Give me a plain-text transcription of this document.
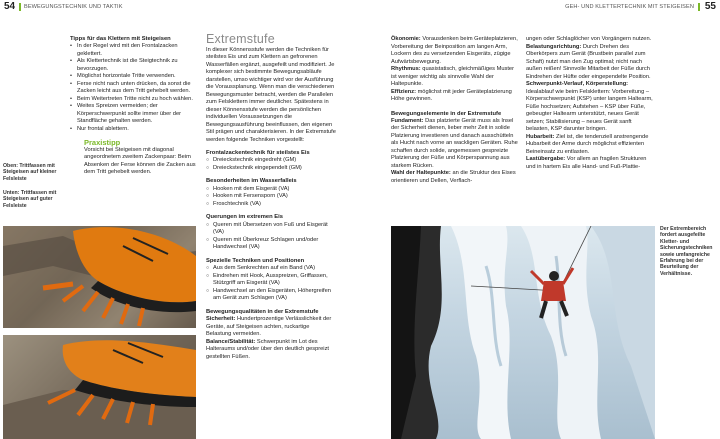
54 BEWEGUNGSTECHNIK UND TAKTIK	GEH- UND KLETTERTECHNIK MIT STEIGEISEN 55
Oben: Trittfassen mit Steigeisen auf kleiner Felsleiste
Unten: Trittfassen mit Steigeisen auf guter Felsleiste
Tipps für das Klettern mit Steigeisen
• In der Regel wird mit den Frontalzacken geklettert.
• Als Klettertechnik ist die Steigtechnik zu bevorzugen.
• Möglichst horizontale Tritte verwenden.
• Ferse nicht nach unten drücken, da sonst die Zacken leicht aus dem Tritt gehebelt werden.
• Beim Weitertreten Tritte nicht zu hoch wählen.
• Weites Spreizen vermeiden; der Körperschwerpunkt sollte immer über der Standfläche gehalten werden.
• Nur frontal ablettern.
Praxistipp
Vorsicht bei Steigeisen mit diagonal angeordnetem zweitem Zackenpaar: Beim Absenken der Ferse können die Zacken aus dem Tritt gehebelt werden.
Extremstufe
In dieser Könnensstufe werden die Techniken für steilstes Eis und zum Klettern an gefrorenen Wasserfällen ergänzt, ausgefeilt und modifiziert. Je komplexer sich bestimmte Bewegungsabläufe darstellen, umso wichtiger wird vor der Ausführung die Voraussplanung. Wenn man die verschiedenen Bewegungsmuster betracht, werden die Parallelen zum Felsklettern immer deutlicher. Spätestens in dieser Könnensstufe werden die persönlichen individuellen Voraussetzungen die Bewegungsausführung beeinflussen, den eigenen Stil prägen und charakterisieren. In der Extremstufe werden folgende Techniken vorgestellt:
Frontalzackentechnik für steilstes Eis
○ Dreieckstechnik eingedreht (GM)
○ Dreieckstechnik eingependelt (GM)
Besonderheiten im Wasserfalleis
○ Hooken mit dem Eisgerät (VA)
○ Hooken mit Fersensporn (VA)
○ Froschtechnik (VA)
Querungen im extremen Eis
○ Queren mit Übersetzen von Fuß und Eisgerät (VA)
○ Queren mit Überkreuz Schlagen und/oder Handwechsel (VA)
Spezielle Techniken und Positionen
○ Aus dem Senkrechten auf ein Band (VA)
○ Eindrehen mit Hook, Ausspreizen, Griffassen, Stützgriff am Eisgerät (VA)
○ Handwechsel an den Eisgeräten, Höhergreifen am Gerät zum Schlagen (VA)
Bewegungsqualitäten in der Extremstufe
Sicherheit: Hundertprozentige Verlässlichkeit der Geräte, auf Steigeisen achten, ruckartige Belastung vermeiden.
Balance/Stabilität: Schwerpunkt im Lot des Halteraums und/oder über den deutlich gespreizt gestellten Füßen.
Ökonomie: Vorausdenken beim Geräteplatzieren, Vorbereitung der Beinposition am langen Arm, Lockern des zu versetzenden Eisgeräts, zügige Aufwärtsbewegung.
Rhythmus: quasistatisch, gleichmäßiges Muster ist weniger wichtig als sinnvolle Wahl der Haltepunkte.
Effizienz: möglichst mit jeder Geräteplatzierung Höhe gewinnen.
Bewegungselemente in der Extremstufe
Fundament: Das platzierte Gerät muss als Insel der Sicherheit dienen, lieber mehr Zeit in solide Platzierung investieren und danach ausschütteln als Hucht nach vorne an wackligen Geräten. Ruhe schaffen durch solide, angemessen gespreizte Platzierung der Füße und Körperspannung aus starkem Rücken.
Wahl der Haltepunkte: an die Struktur des Eises orientieren und Dellen, Verflach-
ungen oder Schlaglöcher von Vorgängern nutzen.
Belastungsrichtung: Durch Drehen des Oberkörpers zum Gerät (Brustbein parallel zum Schaft) nutzt man den Zug optimal; nicht nach außen reißen! Sinnvolle Mitarbeit der Füße durch Eindrehen der Hüfte oder eingependelte Position.
Schwerpunkt-Verlauf, Körperstellung: Idealablauf wie beim Felsklettern: Vorbereitung – Körperschwerpunkt (KSP) unter langem Haltearm, Füße hochsetzen; Aufstehen – KSP über Füße, gebeugter Haltearm unterstützt, neues Gerät setzen; Stabilisierung – neues Gerät sanft belasten, KSP darunter bringen.
Hubarbeit: Ziel ist, die tendenziell anstrengende Hubarbeit der Arme durch möglichst effizienten Beineinsatz zu entlasten.
Lastübergabe: Vor allem an fragilen Strukturen und in hartem Eis alle Hand- und Fuß-Plattie-
Der Extrembereich fordert ausgefeilte Kletter- und Sicherungstechniken sowie umfangreiche Erfahrung bei der Beurteilung der Verhältnisse.
